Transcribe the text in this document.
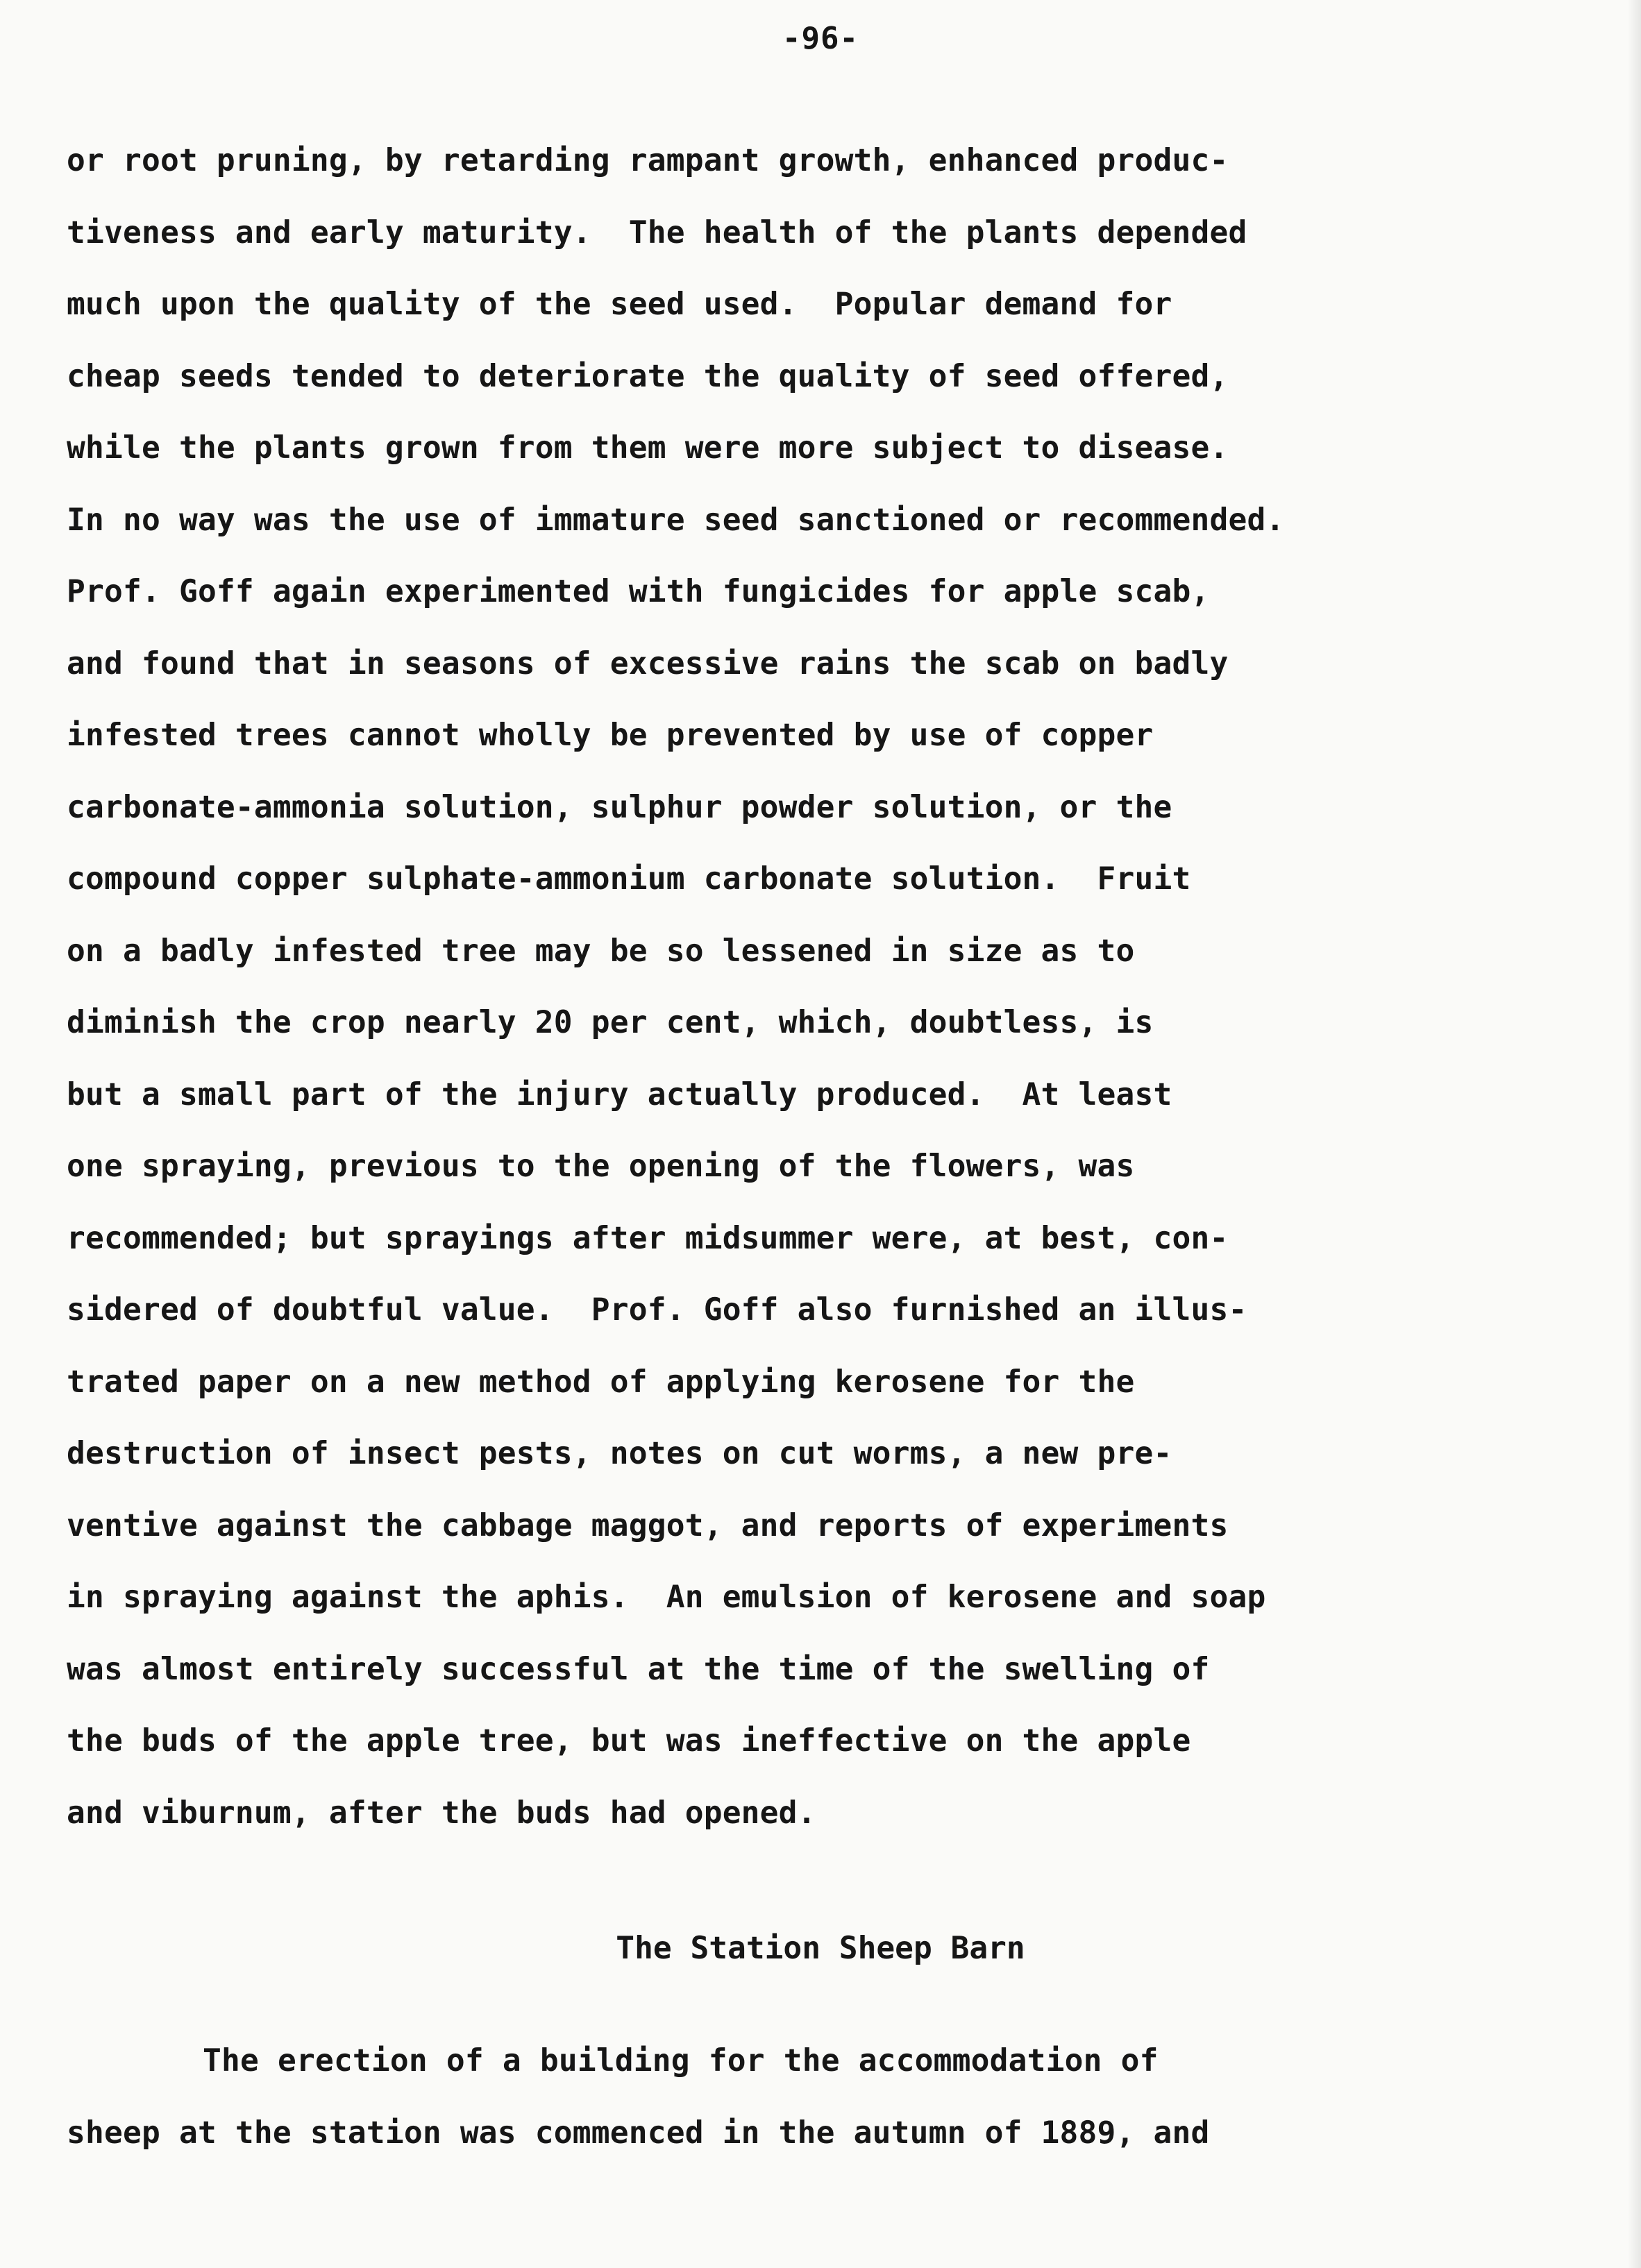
-96-
or root pruning, by retarding rampant growth, enhanced produc-
tiveness and early maturity.  The health of the plants depended
much upon the quality of the seed used.  Popular demand for
cheap seeds tended to deteriorate the quality of seed offered,
while the plants grown from them were more subject to disease.
In no way was the use of immature seed sanctioned or recommended.
Prof. Goff again experimented with fungicides for apple scab,
and found that in seasons of excessive rains the scab on badly
infested trees cannot wholly be prevented by use of copper
carbonate-ammonia solution, sulphur powder solution, or the
compound copper sulphate-ammonium carbonate solution.  Fruit
on a badly infested tree may be so lessened in size as to
diminish the crop nearly 20 per cent, which, doubtless, is
but a small part of the injury actually produced.  At least
one spraying, previous to the opening of the flowers, was
recommended; but sprayings after midsummer were, at best, con-
sidered of doubtful value.  Prof. Goff also furnished an illus-
trated paper on a new method of applying kerosene for the
destruction of insect pests, notes on cut worms, a new pre-
ventive against the cabbage maggot, and reports of experiments
in spraying against the aphis.  An emulsion of kerosene and soap
was almost entirely successful at the time of the swelling of
the buds of the apple tree, but was ineffective on the apple
and viburnum, after the buds had opened.
The Station Sheep Barn
The erection of a building for the accommodation of
sheep at the station was commenced in the autumn of 1889, and
